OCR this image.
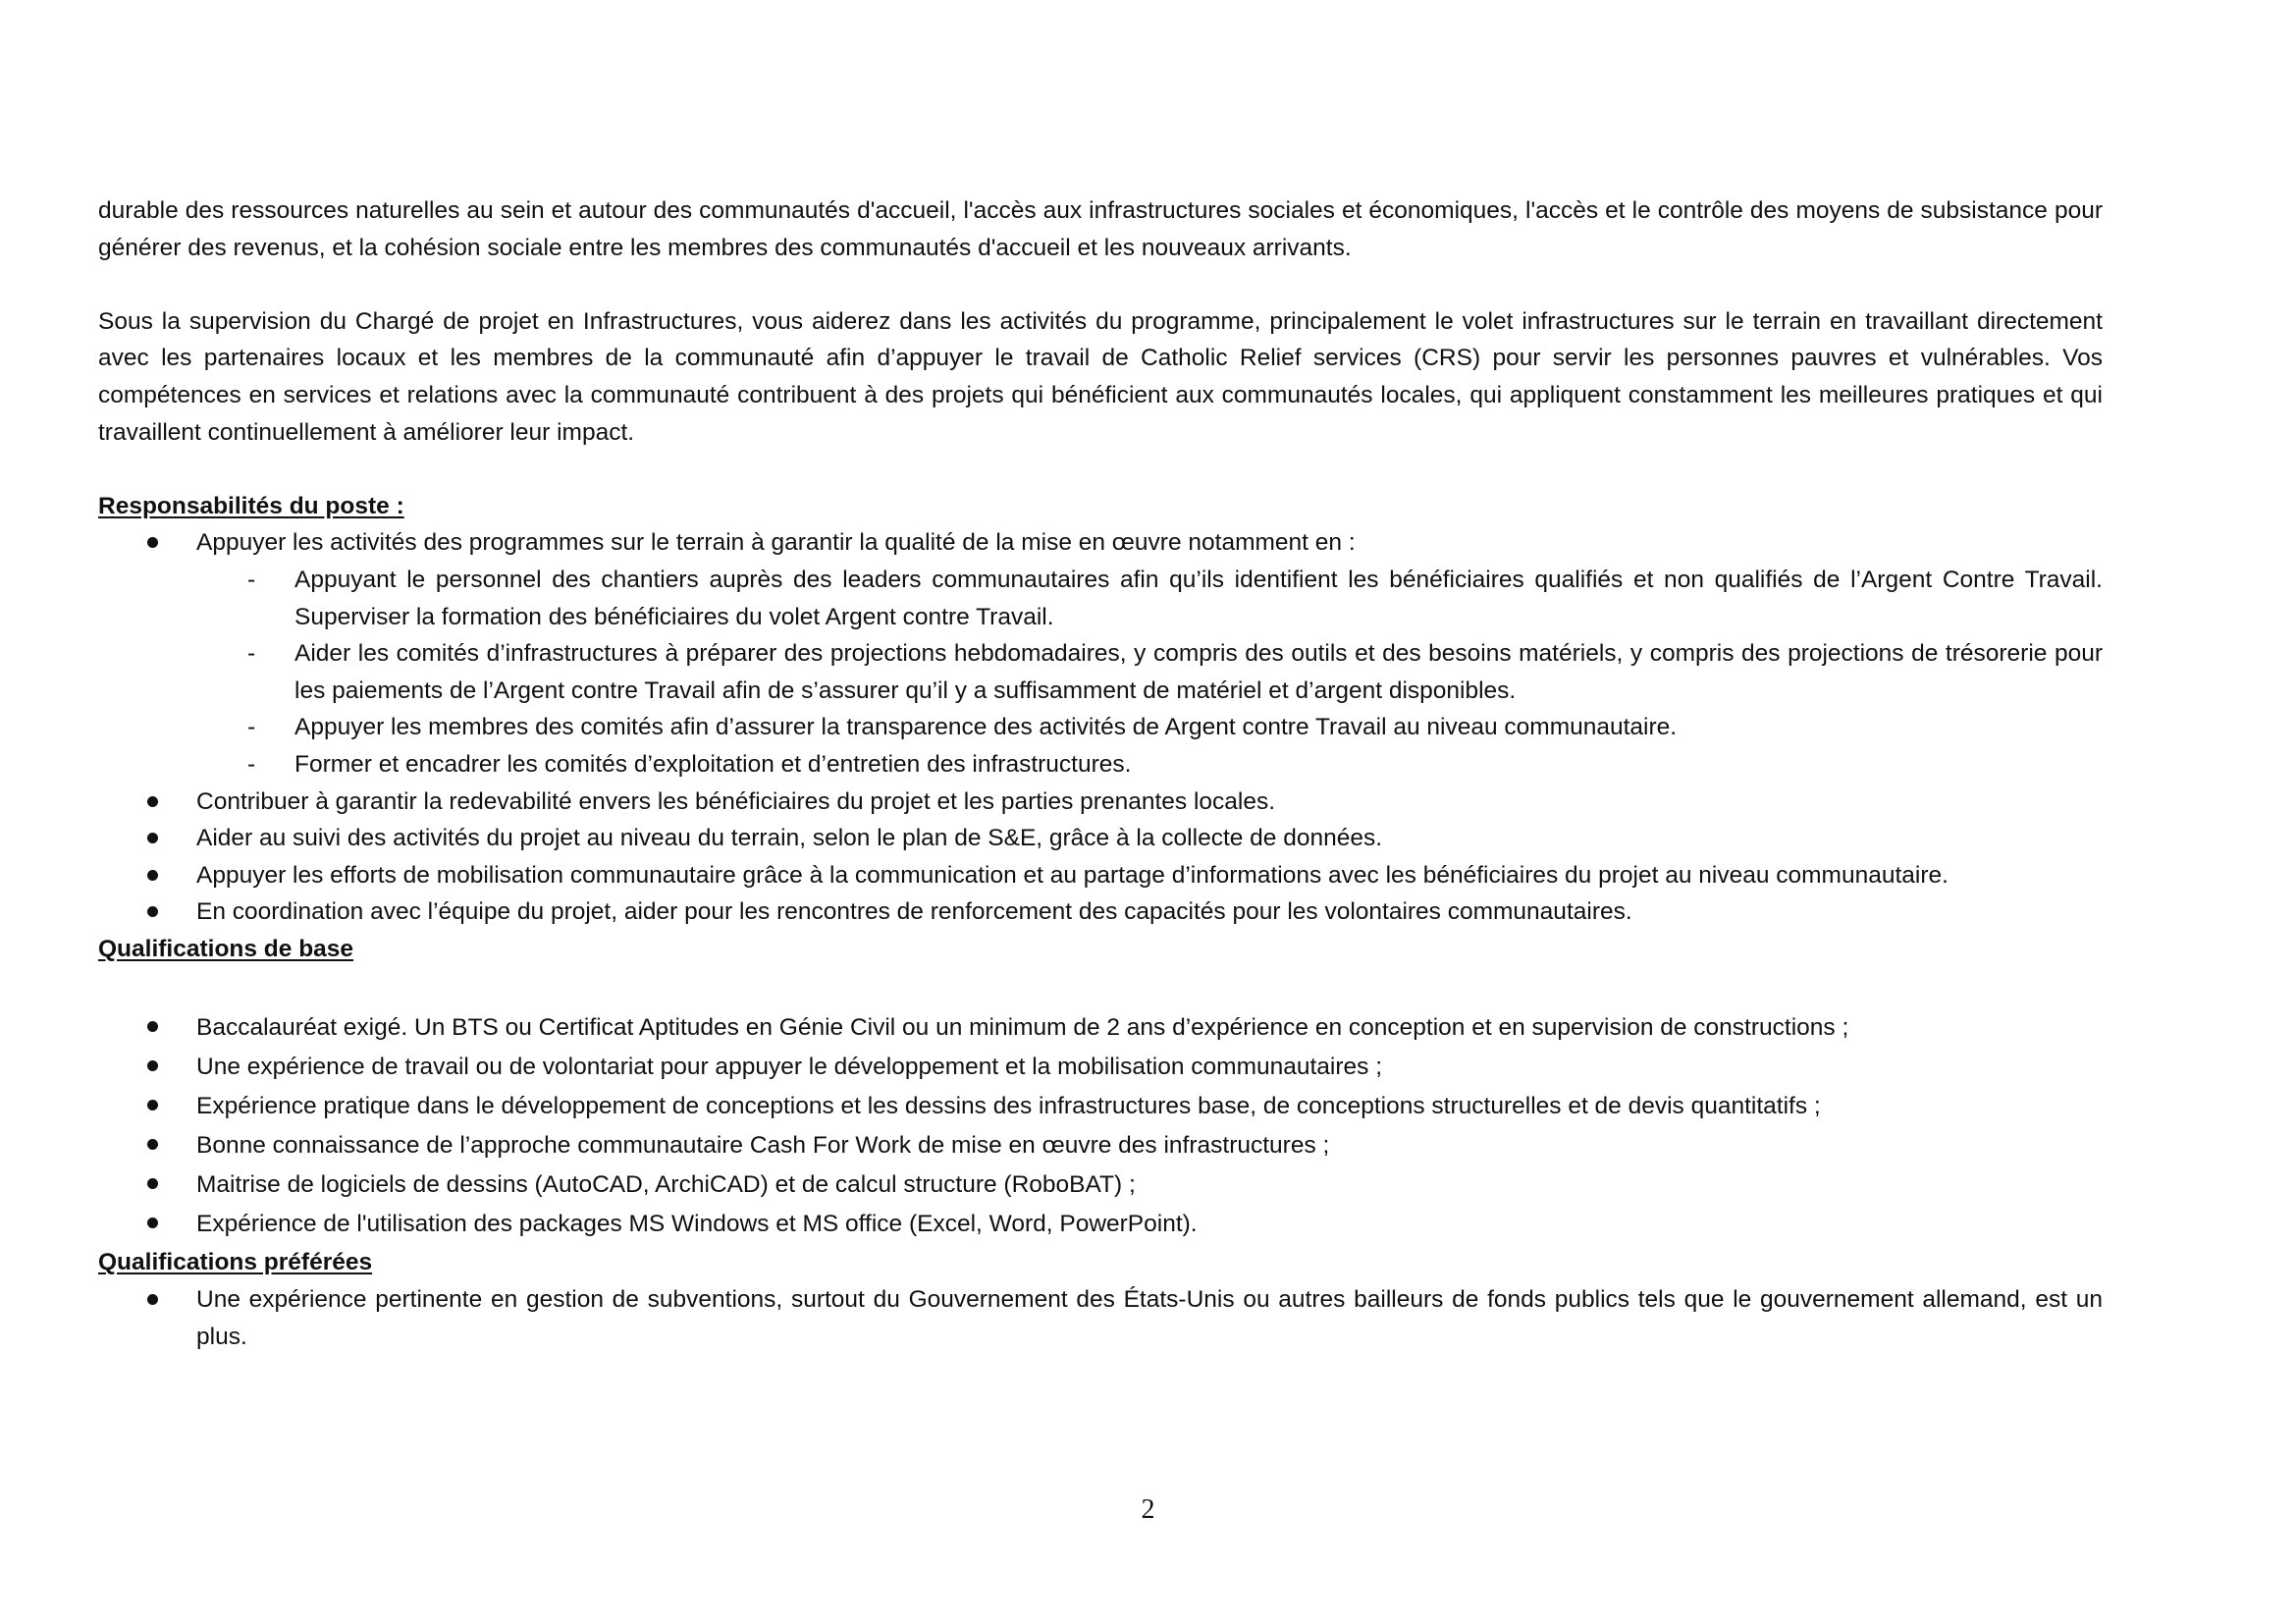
durable des ressources naturelles au sein et autour des communautés d'accueil, l'accès aux infrastructures sociales et économiques, l'accès et le contrôle des moyens de subsistance pour générer des revenus, et la cohésion sociale entre les membres des communautés d'accueil et les nouveaux arrivants.

Sous la supervision du Chargé de projet en Infrastructures, vous aiderez dans les activités du programme, principalement le volet infrastructures sur le terrain en travaillant directement avec les partenaires locaux et les membres de la communauté afin d’appuyer le travail de Catholic Relief services (CRS) pour servir les personnes pauvres et vulnérables. Vos compétences en services et relations avec la communauté contribuent à des projets qui bénéficient aux communautés locales, qui appliquent constamment les meilleures pratiques et qui travaillent continuellement à améliorer leur impact.

Responsabilités du poste :

Appuyer les activités des programmes sur le terrain à garantir la qualité de la mise en œuvre notamment en :
- Appuyant le personnel des chantiers auprès des leaders communautaires afin qu’ils identifient les bénéficiaires qualifiés et non qualifiés de l’Argent Contre Travail. Superviser la formation des bénéficiaires du volet Argent contre Travail.
- Aider les comités d’infrastructures à préparer des projections hebdomadaires, y compris des outils et des besoins matériels, y compris des projections de trésorerie pour les paiements de l’Argent contre Travail afin de s’assurer qu’il y a suffisamment de matériel et d’argent disponibles.
- Appuyer les membres des comités afin d’assurer la transparence des activités de Argent contre Travail au niveau communautaire.
- Former et encadrer les comités d’exploitation et d’entretien des infrastructures.
Contribuer à garantir la redevabilité envers les bénéficiaires du projet et les parties prenantes locales.
Aider au suivi des activités du projet au niveau du terrain, selon le plan de S&E, grâce à la collecte de données.
Appuyer les efforts de mobilisation communautaire grâce à la communication et au partage d’informations avec les bénéficiaires du projet au niveau communautaire.
En coordination avec l’équipe du projet, aider pour les rencontres de renforcement des capacités pour les volontaires communautaires.

Qualifications de base

Baccalauréat exigé. Un BTS ou Certificat Aptitudes en Génie Civil ou un minimum de 2 ans d’expérience en conception et en supervision de constructions ;
Une expérience de travail ou de volontariat pour appuyer le développement et la mobilisation communautaires ;
Expérience pratique dans le développement de conceptions et les dessins des infrastructures base, de conceptions structurelles et de devis quantitatifs ;
Bonne connaissance de l’approche communautaire Cash For Work de mise en œuvre des infrastructures ;
Maitrise de logiciels de dessins (AutoCAD, ArchiCAD) et de calcul structure (RoboBAT) ;
Expérience de l'utilisation des packages MS Windows et MS office (Excel, Word, PowerPoint).

Qualifications préférées

Une expérience pertinente en gestion de subventions, surtout du Gouvernement des États-Unis ou autres bailleurs de fonds publics tels que le gouvernement allemand, est un plus.
2
